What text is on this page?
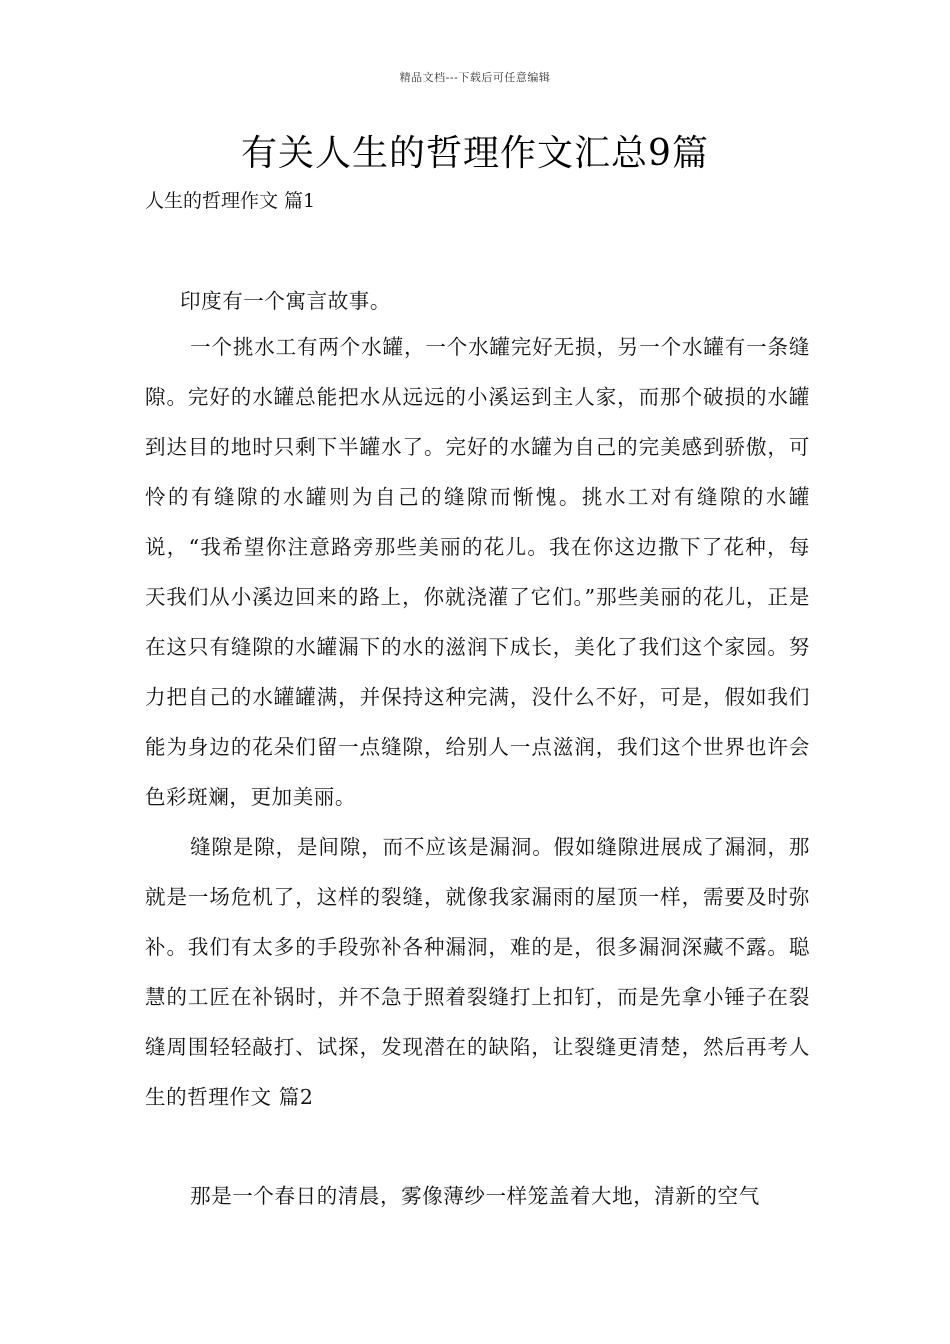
精品文档---下载后可任意编辑
有关人生的哲理作文汇总9篇
人生的哲理作文 篇1
印度有一个寓言故事。

一个挑水工有两个水罐，一个水罐完好无损，另一个水罐有一条缝隙。完好的水罐总能把水从远远的小溪运到主人家，而那个破损的水罐到达目的地时只剩下半罐水了。完好的水罐为自己的完美感到骄傲，可怜的有缝隙的水罐则为自己的缝隙而惭愧。挑水工对有缝隙的水罐说，“我希望你注意路旁那些美丽的花儿。我在你这边撒下了花种，每天我们从小溪边回来的路上，你就浇灌了它们。”那些美丽的花儿，正是在这只有缝隙的水罐漏下的水的滋润下成长，美化了我们这个家园。努力把自己的水罐罐满，并保持这种完满，没什么不好，可是，假如我们能为身边的花朵们留一点缝隙，给别人一点滋润，我们这个世界也许会色彩斑斓，更加美丽。

缝隙是隙，是间隙，而不应该是漏洞。假如缝隙进展成了漏洞，那就是一场危机了，这样的裂缝，就像我家漏雨的屋顶一样，需要及时弥补。我们有太多的手段弥补各种漏洞，难的是，很多漏洞深藏不露。聪慧的工匠在补锅时，并不急于照着裂缝打上扣钉，而是先拿小锤子在裂缝周围轻轻敲打、试探，发现潜在的缺陷，让裂缝更清楚，然后再考人生的哲理作文 篇2

那是一个春日的清晨，雾像薄纱一样笼盖着大地，清新的空气
